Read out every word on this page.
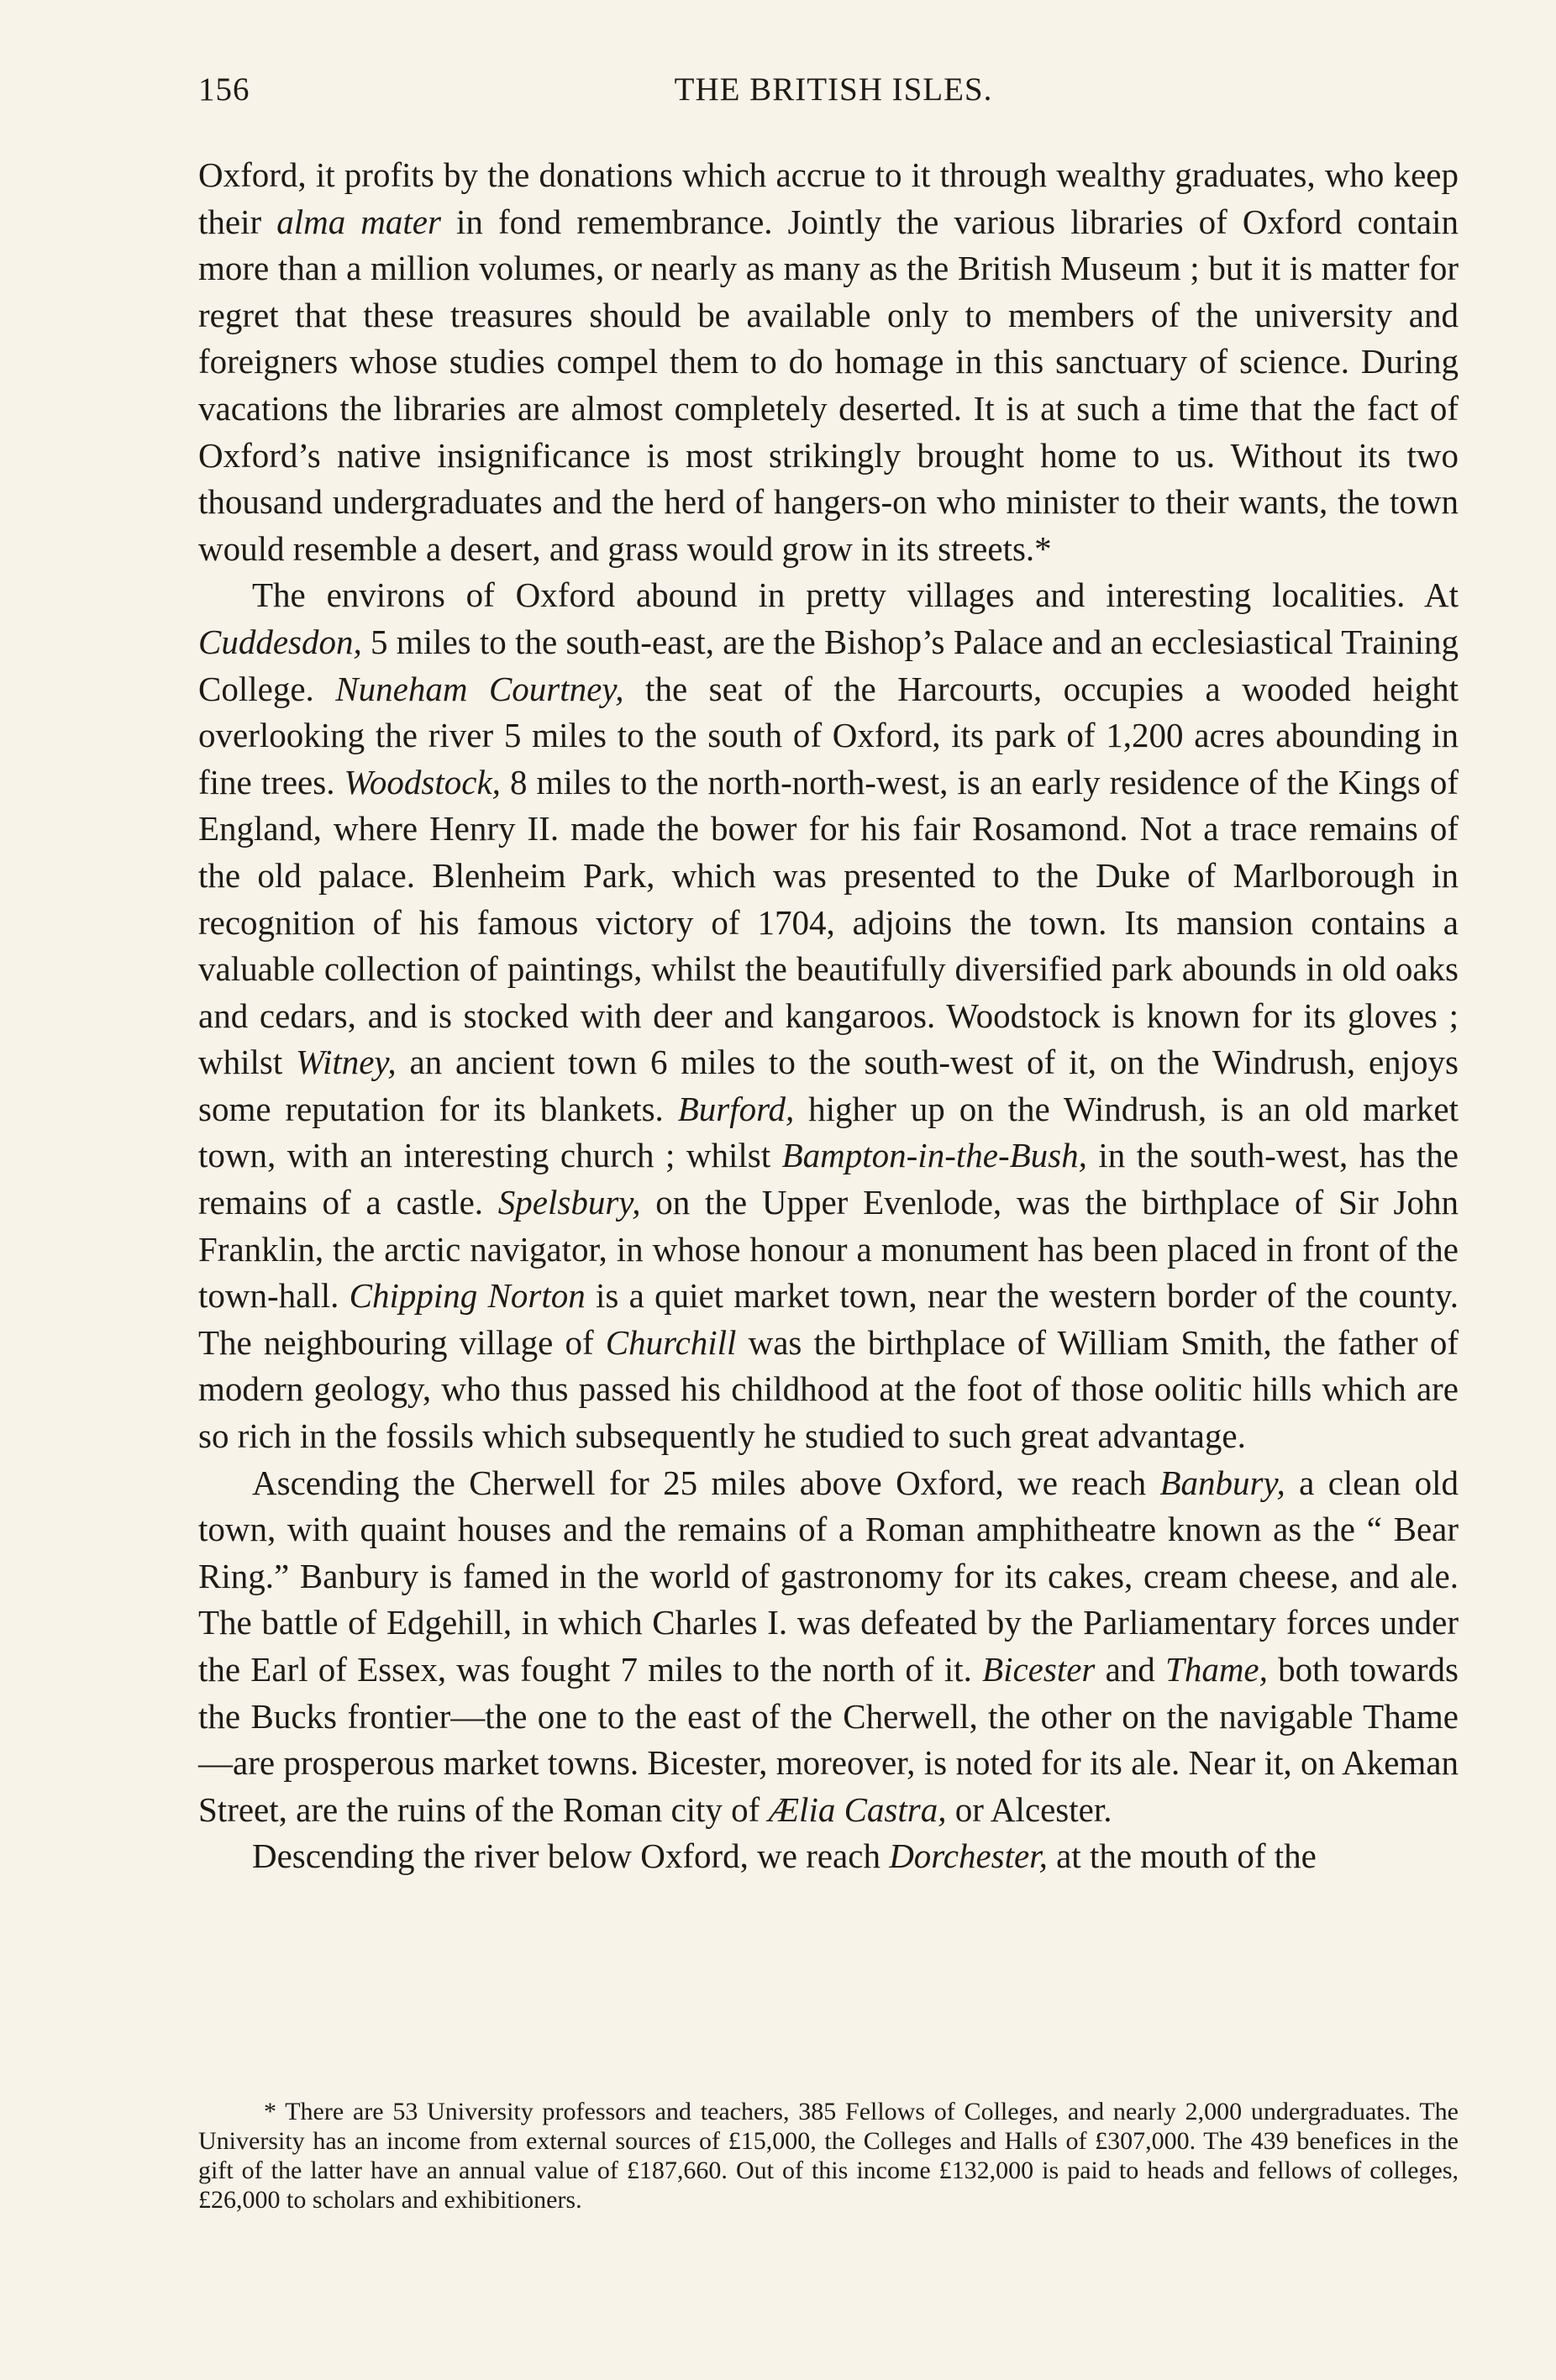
156	THE BRITISH ISLES.

Oxford, it profits by the donations which accrue to it through wealthy graduates, who keep their alma mater in fond remembrance. Jointly the various libraries of Oxford contain more than a million volumes, or nearly as many as the British Museum ; but it is matter for regret that these treasures should be available only to members of the university and foreigners whose studies compel them to do homage in this sanctuary of science. During vacations the libraries are almost completely deserted. It is at such a time that the fact of Oxford’s native insignificance is most strikingly brought home to us. Without its two thousand undergraduates and the herd of hangers-on who minister to their wants, the town would resemble a desert, and grass would grow in its streets.*

The environs of Oxford abound in pretty villages and interesting localities. At Cuddesdon, 5 miles to the south-east, are the Bishop’s Palace and an ecclesiastical Training College. Nuneham Courtney, the seat of the Harcourts, occupies a wooded height overlooking the river 5 miles to the south of Oxford, its park of 1,200 acres abounding in fine trees. Woodstock, 8 miles to the north-north-west, is an early residence of the Kings of England, where Henry II. made the bower for his fair Rosamond. Not a trace remains of the old palace. Blenheim Park, which was presented to the Duke of Marlborough in recognition of his famous victory of 1704, adjoins the town. Its mansion contains a valuable collection of paintings, whilst the beautifully diversified park abounds in old oaks and cedars, and is stocked with deer and kangaroos. Woodstock is known for its gloves ; whilst Witney, an ancient town 6 miles to the south-west of it, on the Windrush, enjoys some reputation for its blankets. Burford, higher up on the Windrush, is an old market town, with an interesting church ; whilst Bampton-in-the-Bush, in the south-west, has the remains of a castle. Spelsbury, on the Upper Evenlode, was the birthplace of Sir John Franklin, the arctic navigator, in whose honour a monument has been placed in front of the town-hall. Chipping Norton is a quiet market town, near the western border of the county. The neighbouring village of Churchill was the birthplace of William Smith, the father of modern geology, who thus passed his childhood at the foot of those oolitic hills which are so rich in the fossils which subsequently he studied to such great advantage.

Ascending the Cherwell for 25 miles above Oxford, we reach Banbury, a clean old town, with quaint houses and the remains of a Roman amphitheatre known as the “ Bear Ring.” Banbury is famed in the world of gastronomy for its cakes, cream cheese, and ale. The battle of Edgehill, in which Charles I. was defeated by the Parliamentary forces under the Earl of Essex, was fought 7 miles to the north of it. Bicester and Thame, both towards the Bucks frontier—the one to the east of the Cherwell, the other on the navigable Thame—are prosperous market towns. Bicester, moreover, is noted for its ale. Near it, on Akeman Street, are the ruins of the Roman city of Ælia Castra, or Alcester.

Descending the river below Oxford, we reach Dorchester, at the mouth of the

* There are 53 University professors and teachers, 385 Fellows of Colleges, and nearly 2,000 undergraduates. The University has an income from external sources of £15,000, the Colleges and Halls of £307,000. The 439 benefices in the gift of the latter have an annual value of £187,660. Out of this income £132,000 is paid to heads and fellows of colleges, £26,000 to scholars and exhibitioners.
